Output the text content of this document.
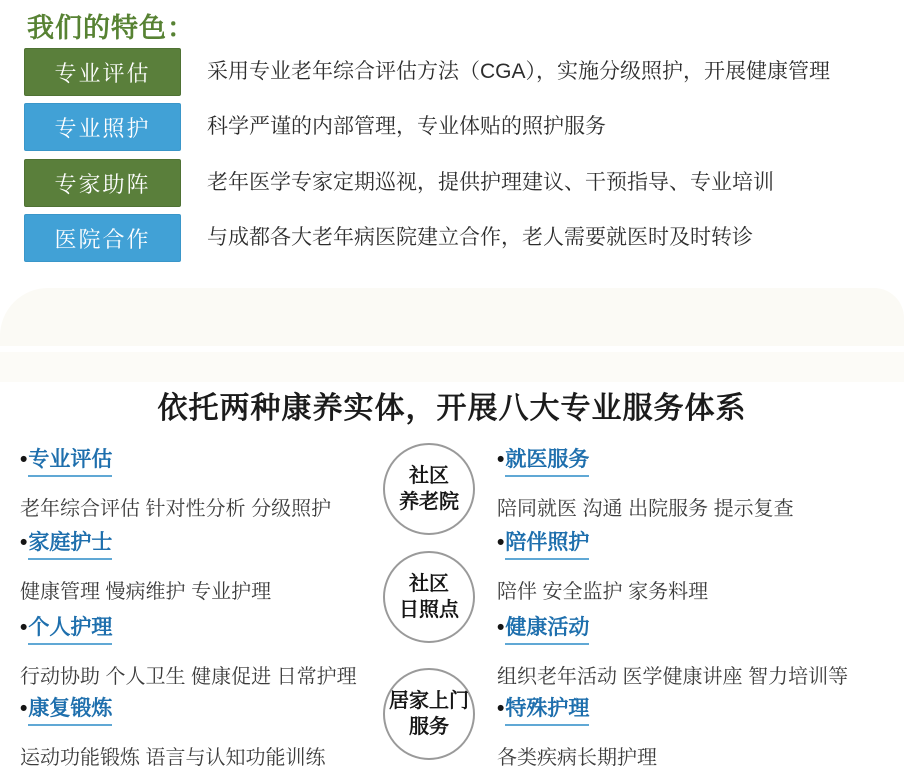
我们的特色：
专业评估	采用专业老年综合评估方法（CGA），实施分级照护，开展健康管理
专业照护	科学严谨的内部管理，专业体贴的照护服务
专家助阵	老年医学专家定期巡视，提供护理建议、干预指导、专业培训
医院合作	与成都各大老年病医院建立合作，老人需要就医时及时转诊
依托两种康养实体，开展八大专业服务体系
• 专业评估
老年综合评估 针对性分析 分级照护
• 家庭护士
健康管理 慢病维护 专业护理
• 个人护理
行动协助 个人卫生 健康促进 日常护理
• 康复锻炼
运动功能锻炼 语言与认知功能训练
社区
养老院
社区
日照点
居家上门
服务
• 就医服务
陪同就医 沟通 出院服务 提示复查
• 陪伴照护
陪伴 安全监护 家务料理
• 健康活动
组织老年活动 医学健康讲座 智力培训等
• 特殊护理
各类疾病长期护理
